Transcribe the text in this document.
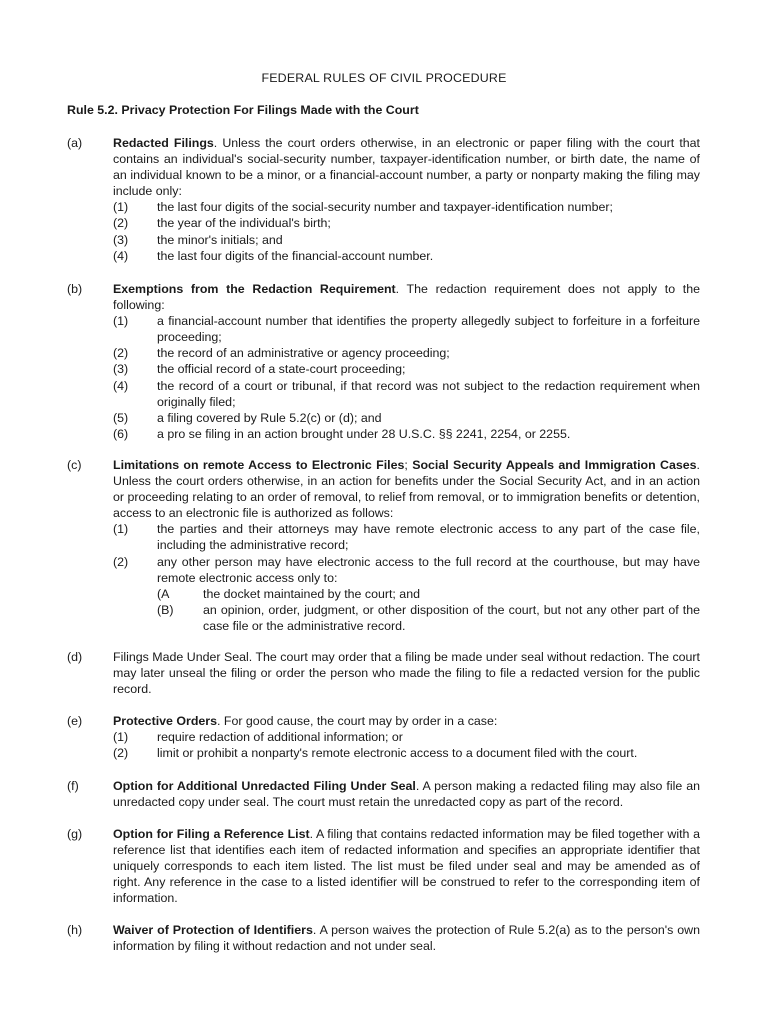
FEDERAL RULES OF CIVIL PROCEDURE
Rule 5.2. Privacy Protection For Filings Made with the Court
(a)	Redacted Filings. Unless the court orders otherwise, in an electronic or paper filing with the court that contains an individual's social-security number, taxpayer-identification number, or birth date, the name of an individual known to be a minor, or a financial-account number, a party or nonparty making the filing may include only:
(1) the last four digits of the social-security number and taxpayer-identification number;
(2) the year of the individual's birth;
(3) the minor's initials; and
(4) the last four digits of the financial-account number.
(b)	Exemptions from the Redaction Requirement. The redaction requirement does not apply to the following:
(1) a financial-account number that identifies the property allegedly subject to forfeiture in a forfeiture proceeding;
(2) the record of an administrative or agency proceeding;
(3) the official record of a state-court proceeding;
(4) the record of a court or tribunal, if that record was not subject to the redaction requirement when originally filed;
(5) a filing covered by Rule 5.2(c) or (d); and
(6) a pro se filing in an action brought under 28 U.S.C. §§ 2241, 2254, or 2255.
(c)	Limitations on remote Access to Electronic Files; Social Security Appeals and Immigration Cases. Unless the court orders otherwise, in an action for benefits under the Social Security Act, and in an action or proceeding relating to an order of removal, to relief from removal, or to immigration benefits or detention, access to an electronic file is authorized as follows:
(1) the parties and their attorneys may have remote electronic access to any part of the case file, including the administrative record;
(2) any other person may have electronic access to the full record at the courthouse, but may have remote electronic access only to:
(A	the docket maintained by the court; and
(B) an opinion, order, judgment, or other disposition of the court, but not any other part of the case file or the administrative record.
(d)	Filings Made Under Seal. The court may order that a filing be made under seal without redaction. The court may later unseal the filing or order the person who made the filing to file a redacted version for the public record.
(e)	Protective Orders. For good cause, the court may by order in a case:
(1) require redaction of additional information; or
(2) limit or prohibit a nonparty's remote electronic access to a document filed with the court.
(f)	Option for Additional Unredacted Filing Under Seal. A person making a redacted filing may also file an unredacted copy under seal. The court must retain the unredacted copy as part of the record.
(g)	Option for Filing a Reference List. A filing that contains redacted information may be filed together with a reference list that identifies each item of redacted information and specifies an appropriate identifier that uniquely corresponds to each item listed. The list must be filed under seal and may be amended as of right. Any reference in the case to a listed identifier will be construed to refer to the corresponding item of information.
(h)	Waiver of Protection of Identifiers. A person waives the protection of Rule 5.2(a) as to the person's own information by filing it without redaction and not under seal.
